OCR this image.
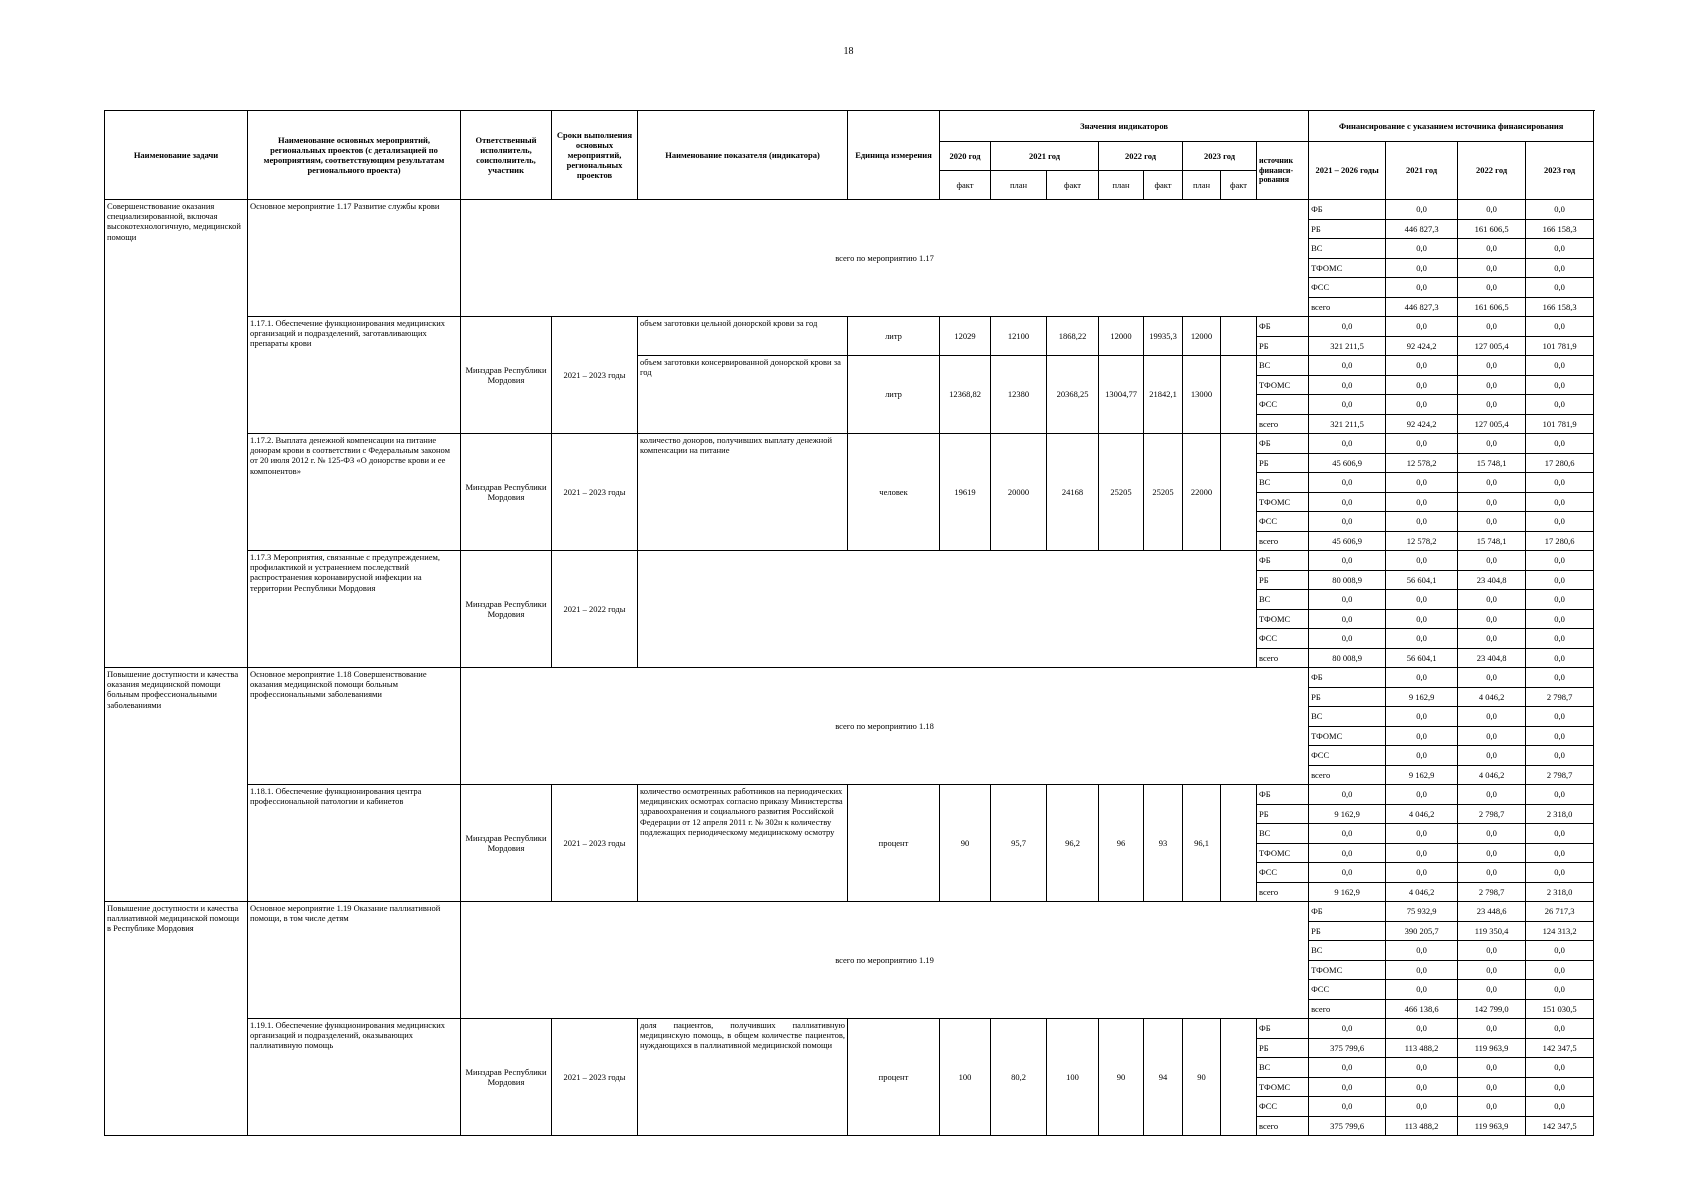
18
Наименование задачи	Наименование основных мероприятий, региональных проектов (с детализацией по мероприятиям, соответствующим результатам регионального проекта)	Ответственный исполнитель, соисполнитель, участник	Сроки выполнения основных мероприятий, региональных проектов	Наименование показателя (индикатора)	Единица измерения	Значения индикаторов								Финансирование с указанием источника финансирования				
						2020 год	2021 год		2022 год		2023 год		источник финанси-рования	2021 – 2026 годы	2021 год	2022 год	2023 год	
						факт	план	факт	план	факт	план	факт						
Совершенствование оказания специализированной, включая высокотехнологичную, медицинской помощи	Основное мероприятие 1.17 Развитие службы крови	всего по мероприятию 1.17												ФБ	0,0	0,0	0,0	
														РБ	446 827,3	161 606,5	166 158,3	
														ВС	0,0	0,0	0,0	
														ТФОМС	0,0	0,0	0,0	
														ФСС	0,0	0,0	0,0	
														всего	446 827,3	161 606,5	166 158,3	
	1.17.1. Обеспечение функционирования медицинских организаций и подразделений, заготавливающих препараты крови	Минздрав Республики Мордовия	2021 – 2023 годы	объем заготовки цельной донорской крови за год	литр	12029	12100	1868,22	12000	19935,3	12000		ФБ	0,0	0,0	0,0	0,0	
													РБ	321 211,5	92 424,2	127 005,4	101 781,9	
				объем заготовки консервированной донорской крови за год	литр	12368,82	12380	20368,25	13004,77	21842,1	13000		ВС	0,0	0,0	0,0	0,0	
													ТФОМС	0,0	0,0	0,0	0,0	
													ФСС	0,0	0,0	0,0	0,0	
													всего	321 211,5	92 424,2	127 005,4	101 781,9	
	1.17.2. Выплата денежной компенсации на питание донорам крови в соответствии с Федеральным законом от 20 июля 2012 г. № 125-ФЗ «О донорстве крови и ее компонентов»	Минздрав Республики Мордовия	2021 – 2023 годы	количество доноров, получивших выплату денежной компенсации на питание	человек	19619	20000	24168	25205	25205	22000		ФБ	0,0	0,0	0,0	0,0	
													РБ	45 606,9	12 578,2	15 748,1	17 280,6	
													ВС	0,0	0,0	0,0	0,0	
													ТФОМС	0,0	0,0	0,0	0,0	
													ФСС	0,0	0,0	0,0	0,0	
													всего	45 606,9	12 578,2	15 748,1	17 280,6	
	1.17.3 Мероприятия, связанные с предупреждением, профилактикой и устранением последствий распространения коронавирусной инфекции на территории Республики Мордовия	Минздрав Республики Мордовия	2021 – 2022 годы										ФБ	0,0	0,0	0,0	0,0	
													РБ	80 008,9	56 604,1	23 404,8	0,0	
													ВС	0,0	0,0	0,0	0,0	
													ТФОМС	0,0	0,0	0,0	0,0	
													ФСС	0,0	0,0	0,0	0,0	
													всего	80 008,9	56 604,1	23 404,8	0,0	
Повышение доступности и качества оказания медицинской помощи больным профессиональными заболеваниями	Основное мероприятие 1.18 Совершенствование оказания медицинской помощи больным профессиональными заболеваниями	всего по мероприятию 1.18												ФБ	0,0	0,0	0,0	
														РБ	9 162,9	4 046,2	2 798,7	
														ВС	0,0	0,0	0,0	
														ТФОМС	0,0	0,0	0,0	
														ФСС	0,0	0,0	0,0	
														всего	9 162,9	4 046,2	2 798,7	
	1.18.1. Обеспечение функционирования центра профессиональной патологии и кабинетов	Минздрав Республики Мордовия	2021 – 2023 годы	количество осмотренных работников на периодических медицинских осмотрах согласно приказу Министерства здравоохранения и социального развития Российской Федерации от 12 апреля 2011 г. № 302н к количеству подлежащих периодическому медицинскому осмотру	процент	90	95,7	96,2	96	93	96,1		ФБ	0,0	0,0	0,0	0,0	
													РБ	9 162,9	4 046,2	2 798,7	2 318,0	
													ВС	0,0	0,0	0,0	0,0	
													ТФОМС	0,0	0,0	0,0	0,0	
													ФСС	0,0	0,0	0,0	0,0	
													всего	9 162,9	4 046,2	2 798,7	2 318,0	
Повышение доступности и качества паллиативной медицинской помощи в Республике Мордовия	Основное мероприятие 1.19 Оказание паллиативной помощи, в том числе детям	всего по мероприятию 1.19												ФБ	75 932,9	23 448,6	26 717,3	
														РБ	390 205,7	119 350,4	124 313,2	
														ВС	0,0	0,0	0,0	
														ТФОМС	0,0	0,0	0,0	
														ФСС	0,0	0,0	0,0	
														всего	466 138,6	142 799,0	151 030,5	
	1.19.1. Обеспечение функционирования медицинских организаций и подразделений, оказывающих паллиативную помощь	Минздрав Республики Мордовия	2021 – 2023 годы	доля пациентов, получивших паллиативную медицинскую помощь, в общем количестве пациентов, нуждающихся в паллиативной медицинской помощи	процент	100	80,2	100	90	94	90		ФБ	0,0	0,0	0,0	0,0	
													РБ	375 799,6	113 488,2	119 963,9	142 347,5	
													ВС	0,0	0,0	0,0	0,0	
													ТФОМС	0,0	0,0	0,0	0,0	
													ФСС	0,0	0,0	0,0	0,0	
													всего	375 799,6	113 488,2	119 963,9	142 347,5	
